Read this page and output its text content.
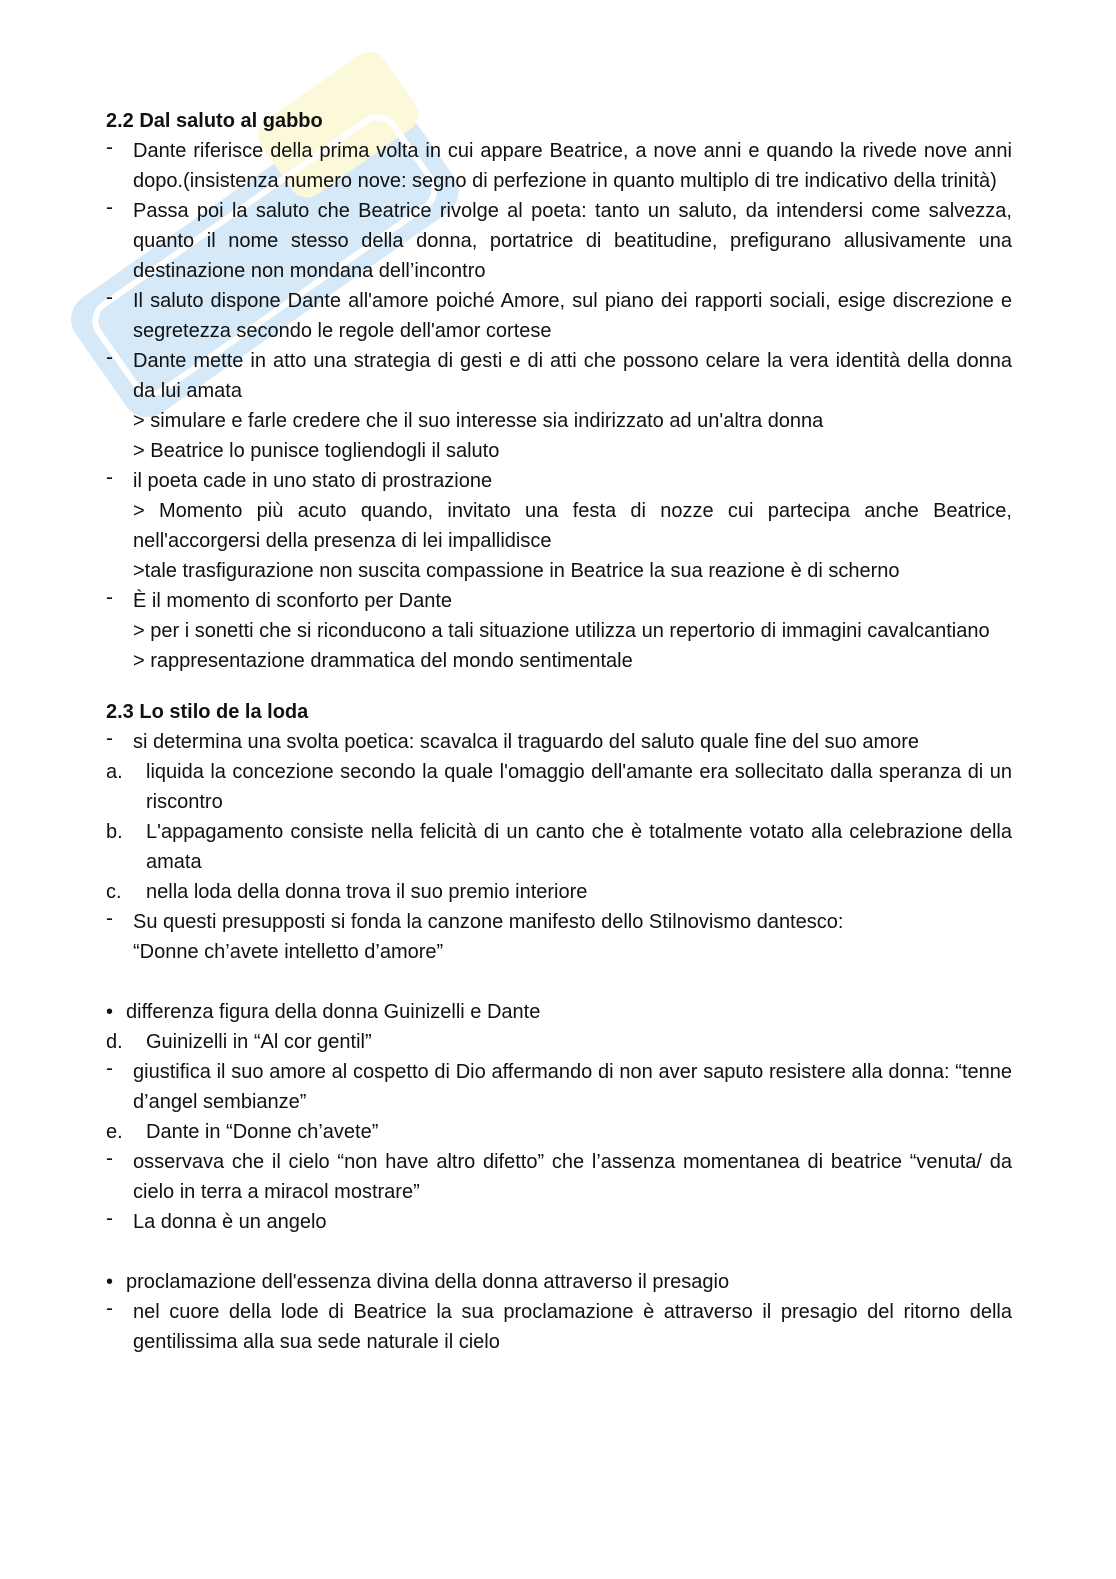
2.2 Dal saluto al gabbo
- Dante riferisce della prima volta in cui appare Beatrice, a nove anni e quando la rivede nove anni dopo.(insistenza numero nove: segno di perfezione in quanto multiplo di tre indicativo della trinità)
- Passa poi la saluto che Beatrice rivolge al poeta: tanto un saluto, da intendersi come salvezza, quanto il nome stesso della donna, portatrice di beatitudine, prefigurano allusivamente una destinazione non mondana dell’incontro
- Il saluto dispone Dante all'amore poiché Amore, sul piano dei rapporti sociali, esige discrezione e segretezza secondo le regole dell'amor cortese
- Dante mette in atto una strategia di gesti e di atti che possono celare la vera identità della donna da lui amata
> simulare e farle credere che il suo interesse sia indirizzato ad un'altra donna
> Beatrice lo punisce togliendogli il saluto
- il poeta cade in uno stato di prostrazione
> Momento più acuto quando, invitato una festa di nozze cui partecipa anche Beatrice, nell'accorgersi della presenza di lei impallidisce
>tale trasfigurazione non suscita compassione in Beatrice la sua reazione è di scherno
- È il momento di sconforto per Dante
> per i sonetti che si riconducono a tali situazione utilizza un repertorio di immagini cavalcantiano
> rappresentazione drammatica del mondo sentimentale
2.3 Lo stilo de la loda
- si determina una svolta poetica: scavalca il traguardo del saluto quale fine del suo amore
a. liquida la concezione secondo la quale l'omaggio dell'amante era sollecitato dalla speranza di un riscontro
b. L'appagamento consiste nella felicità di un canto che è totalmente votato alla celebrazione della amata
c. nella loda della donna trova il suo premio interiore
- Su questi presupposti si fonda la canzone manifesto dello Stilnovismo dantesco:
“Donne ch’avete intelletto d’amore”
• differenza figura della donna Guinizelli e Dante
d. Guinizelli in “Al cor gentil”
- giustifica il suo amore al cospetto di Dio affermando di non aver saputo resistere alla donna: “tenne d’angel sembianze”
e. Dante in “Donne ch’avete”
- osservava che il cielo “non have altro difetto” che l’assenza momentanea di beatrice “venuta/ da cielo in terra a miracol mostrare”
- La donna è un angelo
• proclamazione dell'essenza divina della donna attraverso il presagio
- nel cuore della lode di Beatrice la sua proclamazione è attraverso il presagio del ritorno della gentilissima alla sua sede naturale il cielo
